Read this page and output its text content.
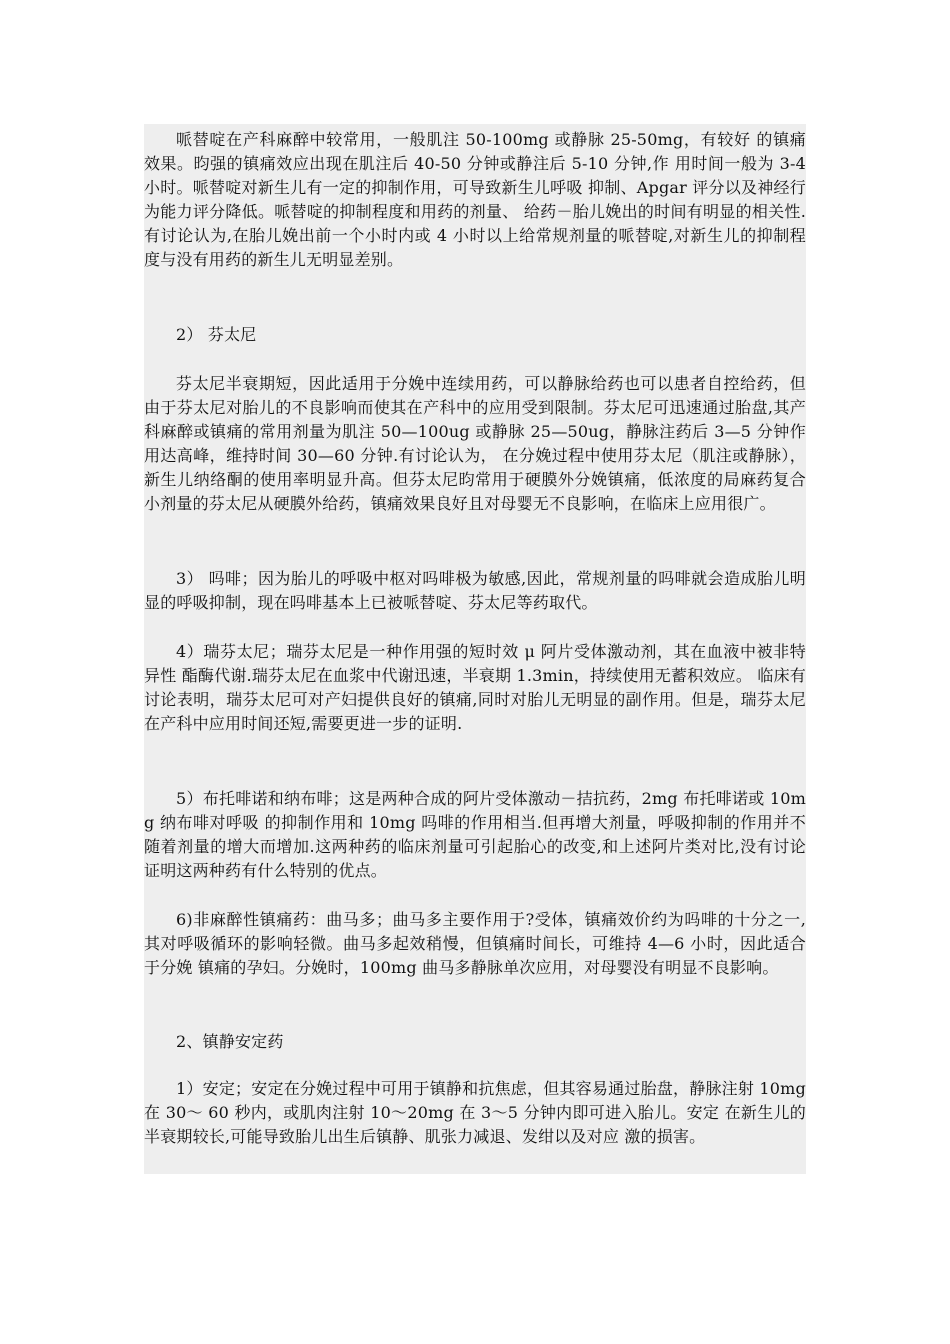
哌替啶在产科麻醉中较常用，一般肌注 50-100mg 或静脉 25-50mg，有较好 的镇痛效果。昀强的镇痛效应出现在肌注后 40-50 分钟或静注后 5-10 分钟,作 用时间一般为 3-4 小时。哌替啶对新生儿有一定的抑制作用，可导致新生儿呼吸 抑制、Apgar 评分以及神经行为能力评分降低。哌替啶的抑制程度和用药的剂量、 给药－胎儿娩出的时间有明显的相关性.有讨论认为,在胎儿娩出前一个小时内或 4 小时以上给常规剂量的哌替啶,对新生儿的抑制程度与没有用药的新生儿无明显差别。

2） 芬太尼

芬太尼半衰期短，因此适用于分娩中连续用药，可以静脉给药也可以患者自控给药，但由于芬太尼对胎儿的不良影响而使其在产科中的应用受到限制。芬太尼可迅速通过胎盘,其产科麻醉或镇痛的常用剂量为肌注 50—100ug 或静脉 25—50ug，静脉注药后 3—5 分钟作用达高峰，维持时间 30—60 分钟.有讨论认为， 在分娩过程中使用芬太尼（肌注或静脉），新生儿纳络酮的使用率明显升高。但芬太尼昀常用于硬膜外分娩镇痛，低浓度的局麻药复合小剂量的芬太尼从硬膜外给药，镇痛效果良好且对母婴无不良影响，在临床上应用很广。

3） 吗啡；因为胎儿的呼吸中枢对吗啡极为敏感,因此，常规剂量的吗啡就会造成胎儿明显的呼吸抑制，现在吗啡基本上已被哌替啶、芬太尼等药取代。

4）瑞芬太尼；瑞芬太尼是一种作用强的短时效 μ 阿片受体激动剂，其在血液中被非特异性 酯酶代谢.瑞芬太尼在血浆中代谢迅速，半衰期 1.3min，持续使用无蓄积效应。 临床有讨论表明，瑞芬太尼可对产妇提供良好的镇痛,同时对胎儿无明显的副作用。但是，瑞芬太尼在产科中应用时间还短,需要更进一步的证明.

5）布托啡诺和纳布啡；这是两种合成的阿片受体激动－拮抗药，2mg 布托啡诺或 10mg 纳布啡对呼吸 的抑制作用和 10mg 吗啡的作用相当.但再增大剂量，呼吸抑制的作用并不随着剂量的增大而增加.这两种药的临床剂量可引起胎心的改变,和上述阿片类对比,没有讨论证明这两种药有什么特别的优点。

6)非麻醉性镇痛药：曲马多；曲马多主要作用于?受体，镇痛效价约为吗啡的十分之一,其对呼吸循环的影响轻微。曲马多起效稍慢，但镇痛时间长，可维持 4—6 小时，因此适合于分娩 镇痛的孕妇。分娩时，100mg 曲马多静脉单次应用，对母婴没有明显不良影响。

2、镇静安定药

1）安定；安定在分娩过程中可用于镇静和抗焦虑，但其容易通过胎盘，静脉注射 10mg 在 30～ 60 秒内，或肌肉注射 10～20mg 在 3～5 分钟内即可进入胎儿。安定 在新生儿的半衰期较长,可能导致胎儿出生后镇静、肌张力减退、发绀以及对应 激的损害。
